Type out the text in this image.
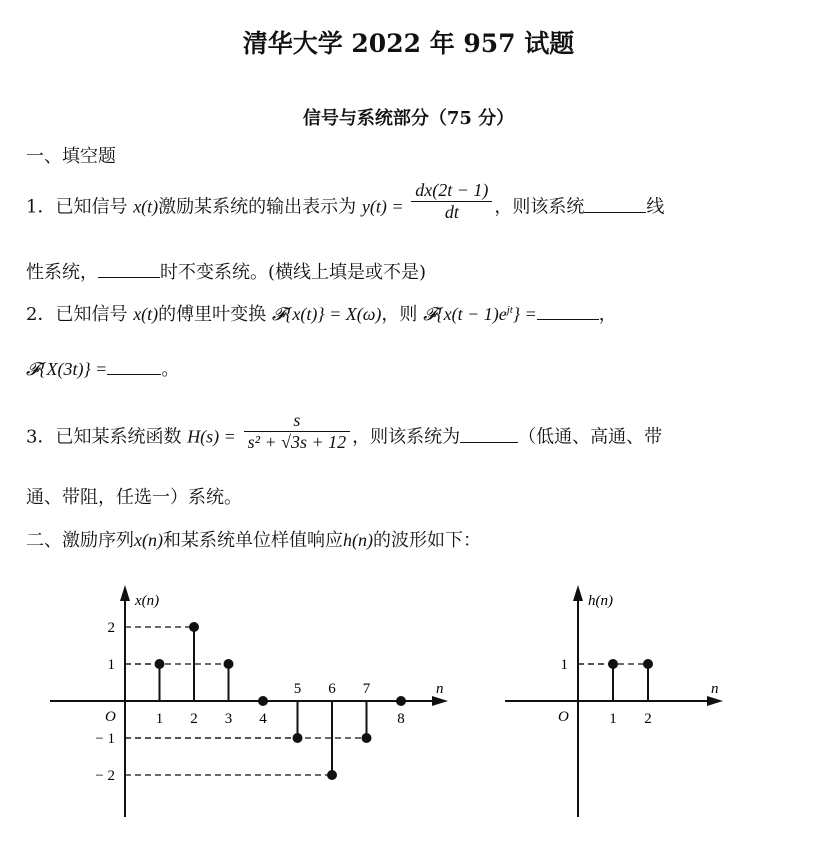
清华大学 2022 年 957 试题
信号与系统部分（75 分）
一、填空题
1．已知信号 x(t)激励某系统的输出表示为 $y(t) = \frac{dx(2t - 1)}{dt}$ ，则该系统	线
性系统，	时不变系统。(横线上填是或不是)
2．已知信号 x(t)的傅里叶变换 𝓕{x(t)} = X(ω)，则 𝓕{x(t − $1)e^{jt}$} =	，
𝓕{X(3t)} =	。
3．已知某系统函数 $H(s) = \frac{s}{\text{s² + √3s + 12}}$ ，则该系统为	（低通、高通、带
通、带阻，任选一）系统。
二、激励序列x(n)和某系统单位样值响应h(n)的波形如下：
x(n)
n
O
2
1
− 1
− 2
1 2 3 4
5 6 7
8
h(n)
n
O
1
1 2
